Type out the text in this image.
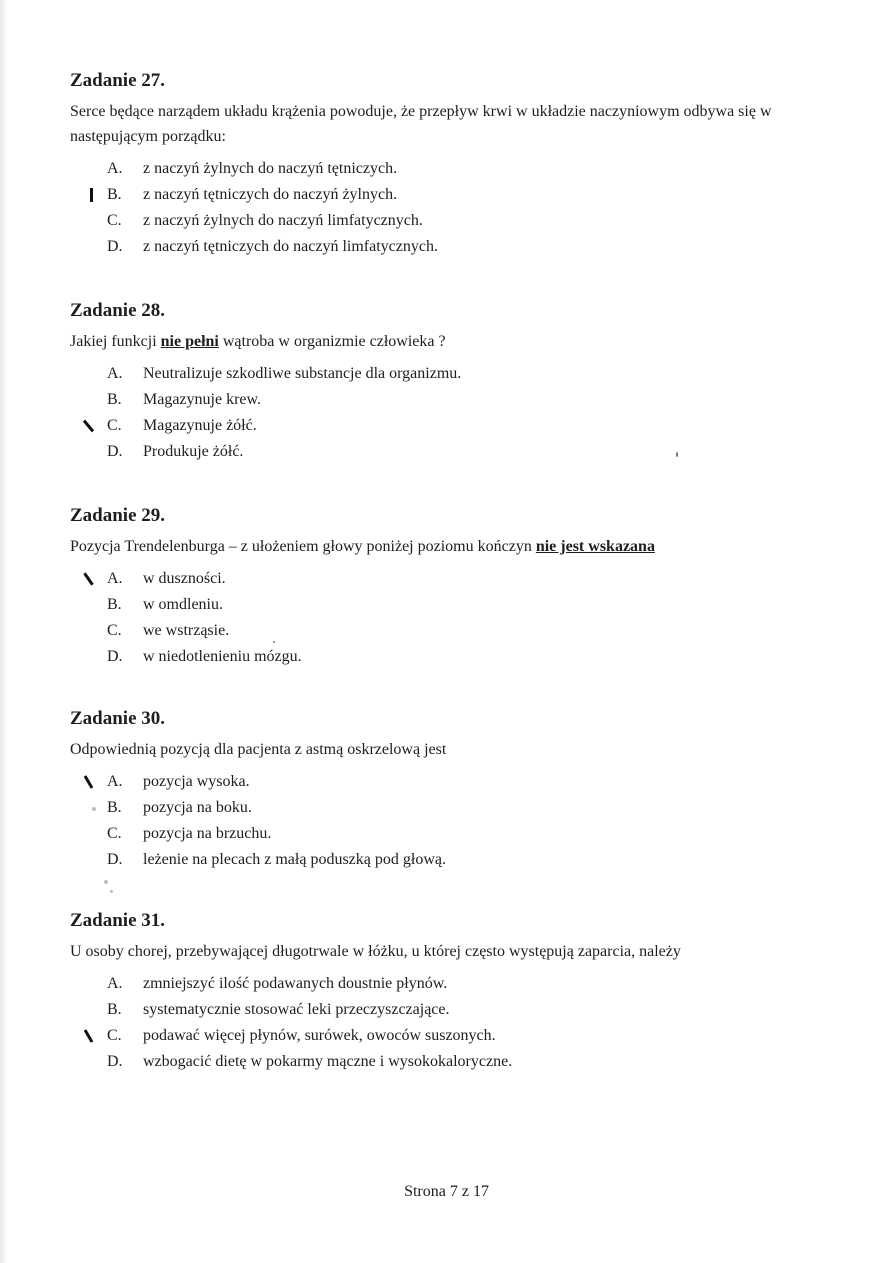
Zadanie 27.

Serce będące narządem układu krążenia powoduje, że przepływ krwi w układzie naczyniowym odbywa się w następującym porządku:

A.	z naczyń żylnych do naczyń tętniczych.
B.	z naczyń tętniczych do naczyń żylnych.
C.	z naczyń żylnych do naczyń limfatycznych.
D.	z naczyń tętniczych do naczyń limfatycznych.
Zadanie 28.

Jakiej funkcji nie pełni wątroba w organizmie człowieka ?

A.	Neutralizuje szkodliwe substancje dla organizmu.
B.	Magazynuje krew.
C.	Magazynuje żółć.
D.	Produkuje żółć.
Zadanie 29.

Pozycja Trendelenburga – z ułożeniem głowy poniżej poziomu kończyn nie jest wskazana

A.	w duszności.
B.	w omdleniu.
C.	we wstrząsie.
D.	w niedotlenieniu mózgu.
Zadanie 30.

Odpowiednią pozycją dla pacjenta z astmą oskrzelową jest

A.	pozycja wysoka.
B.	pozycja na boku.
C.	pozycja na brzuchu.
D.	leżenie na plecach z małą poduszką pod głową.
Zadanie 31.

U osoby chorej, przebywającej długotrwale w łóżku, u której często występują zaparcia, należy

A.	zmniejszyć ilość podawanych doustnie płynów.
B.	systematycznie stosować leki przeczyszczające.
C.	podawać więcej płynów, surówek, owoców suszonych.
D.	wzbogacić dietę w pokarmy mączne i wysokokaloryczne.
Strona 7 z 17
